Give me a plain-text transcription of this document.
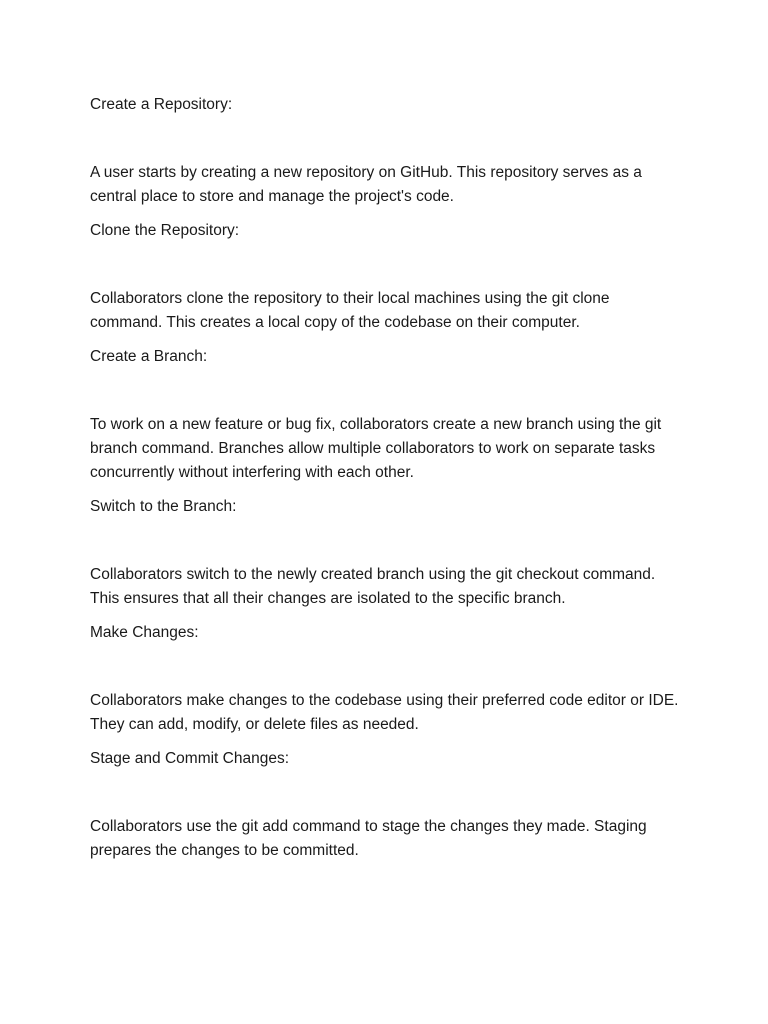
Create a Repository:

A user starts by creating a new repository on GitHub. This repository serves as a central place to store and manage the project's code.

Clone the Repository:

Collaborators clone the repository to their local machines using the git clone command. This creates a local copy of the codebase on their computer.

Create a Branch:

To work on a new feature or bug fix, collaborators create a new branch using the git branch command. Branches allow multiple collaborators to work on separate tasks concurrently without interfering with each other.

Switch to the Branch:

Collaborators switch to the newly created branch using the git checkout command. This ensures that all their changes are isolated to the specific branch.

Make Changes:

Collaborators make changes to the codebase using their preferred code editor or IDE. They can add, modify, or delete files as needed.

Stage and Commit Changes:

Collaborators use the git add command to stage the changes they made. Staging prepares the changes to be committed.
